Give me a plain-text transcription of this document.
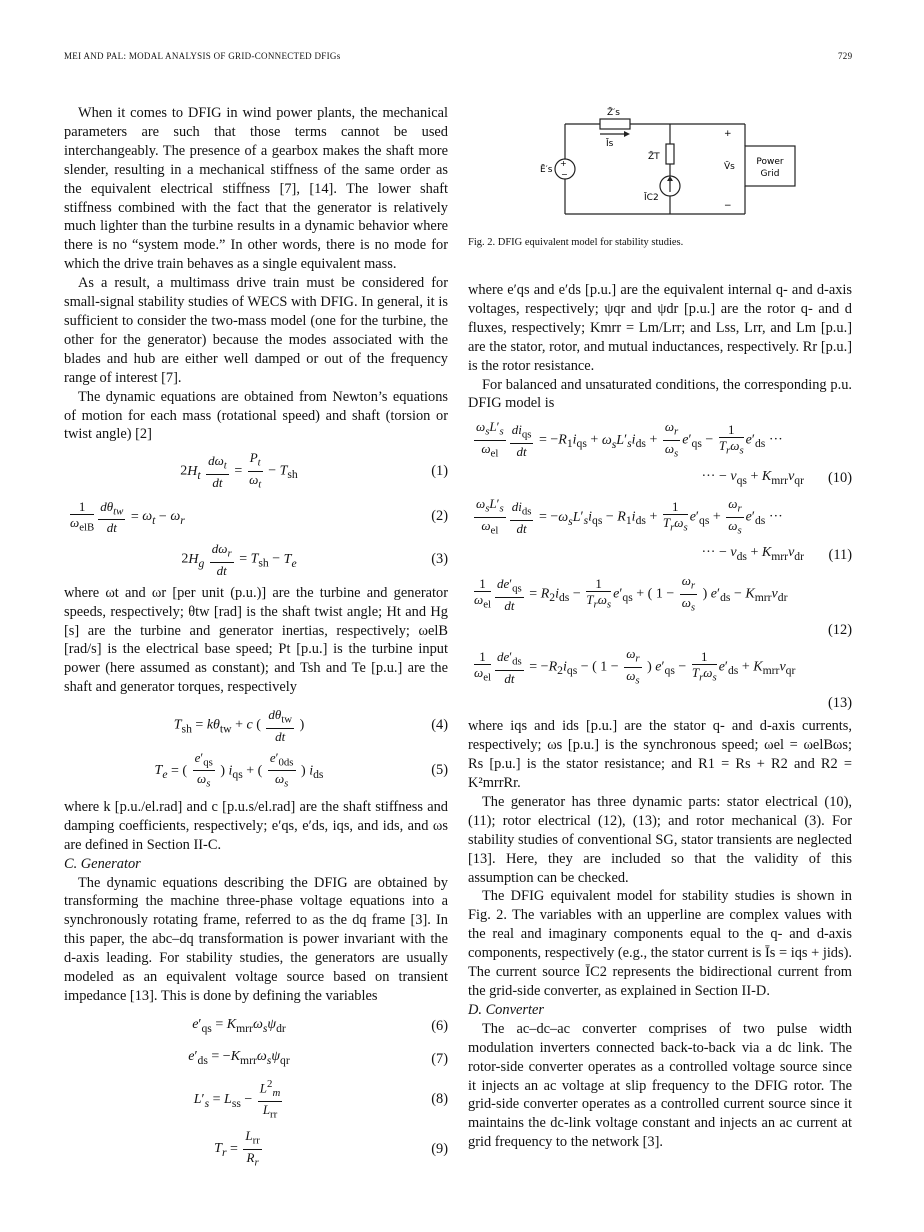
MEI AND PAL: MODAL ANALYSIS OF GRID-CONNECTED DFIGs	729

When it comes to DFIG in wind power plants, the mechanical parameters are such that those terms cannot be used interchangeably. The presence of a gearbox makes the shaft more slender, resulting in a mechanical stiffness of the same order as the equivalent electrical stiffness [7], [14]. The lower shaft stiffness combined with the fact that the generator is relatively much lighter than the turbine results in a dynamic behavior where there is no “system mode.” In other words, there is no mode for which the drive train behaves as a single equivalent mass.

As a result, a multimass drive train must be considered for small-signal stability studies of WECS with DFIG. In general, it is sufficient to consider the two-mass model (one for the turbine, the other for the generator) because the modes associated with the blades and hub are either well damped or out of the frequency range of interest [7].

The dynamic equations are obtained from Newton’s equations of motion for each mass (rotational speed) and shaft (torsion or twist angle) [2]

$2H_t \frac{d\omega_t}{dt} = \frac{P_t}{\omega_t} - T_{sh}$	(1)
$\frac{1}{\omega_{elB}} \frac{d\theta_{tw}}{dt} = \omega_t - \omega_r$	(2)
$2H_g \frac{d\omega_r}{dt} = T_{sh} - T_e$	(3)

where ωt and ωr [per unit (p.u.)] are the turbine and generator speeds, respectively; θtw [rad] is the shaft twist angle; Ht and Hg [s] are the turbine and generator inertias, respectively; ωelB [rad/s] is the electrical base speed; Pt [p.u.] is the turbine input power (here assumed as constant); and Tsh and Te [p.u.] are the shaft and generator torques, respectively

$T_{sh} = k\theta_{tw} + c$ ( $\frac{d\theta_{tw}}{dt}$ )	(4)
$T_e$ = ( $\frac{e'_{qs}}{\omega_s}$ ) $i_{qs}$ + ( $\frac{e'_{0ds}}{\omega_s}$ ) $i_{ds}$	(5)

where k [p.u./el.rad] and c [p.u.s/el.rad] are the shaft stiffness and damping coefficients, respectively; e′qs, e′ds, iqs, and ids, and ωs are defined in Section II-C.

C. Generator

The dynamic equations describing the DFIG are obtained by transforming the machine three-phase voltage equations into a synchronously rotating frame, referred to as the dq frame [3]. In this paper, the abc–dq transformation is power invariant with the d-axis leading. For stability studies, the generators are usually modeled as an equivalent voltage source based on transient impedance [13]. This is done by defining the variables

$e'_{qs} = K_{mrr}\omega_s\psi_{dr}$	(6)
$e'_{ds} = -K_{mrr}\omega_s\psi_{qr}$	(7)
$L'_s = L_{ss} - \frac{L^2_m}{L_{rr}}$	(8)
$T_r = \frac{L_{rr}}{R_r}$	(9)
+
−
Z̄′s
Īs
Z̄T
Ē′s
ĪC2
V̄s
+
−
Power
Grid
Fig. 2. DFIG equivalent model for stability studies.

where e′qs and e′ds [p.u.] are the equivalent internal q- and d-axis voltages, respectively; ψqr and ψdr [p.u.] are the rotor q- and d fluxes, respectively; Kmrr = Lm/Lrr; and Lss, Lrr, and Lm [p.u.] are the stator, rotor, and mutual inductances, respectively. Rr [p.u.] is the rotor resistance.

For balanced and unsaturated conditions, the corresponding p.u. DFIG model is

$\frac{\omega_sL'_s}{\omega_{el}} \frac{di_{qs}}{dt} = -R_1i_{qs} + \omega_sL'_si_{ds} + \frac{\omega_r}{\omega_s} e'_{qs} - \frac{1}{T_r\omega_s} e'_{ds}$ ···
··· − $v_{qs} + K_{mrr}v_{qr}$	(10)
$\frac{\omega_sL'_s}{\omega_{el}} \frac{di_{ds}}{dt} = -\omega_sL'_si_{qs} - R_1i_{ds} + \frac{1}{T_r\omega_s} e'_{qs} + \frac{\omega_r}{\omega_s} e'_{ds}$ ···
··· − $v_{ds} + K_{mrr}v_{dr}$	(11)
$\frac{1}{\omega_{el}} \frac{de'_{qs}}{dt} = R_2i_{ds} - \frac{1}{T_r\omega_s} e'_{qs}$ + ( $1 - \frac{\omega_r}{\omega_s}$ ) $e'_{ds} - K_{mrr}v_{dr}$
(12)
$\frac{1}{\omega_{el}} \frac{de'_{ds}}{dt} = -R_2i_{qs}$ − ( $1 - \frac{\omega_r}{\omega_s}$ ) $e'_{qs} - \frac{1}{T_r\omega_s} e'_{ds} + K_{mrr}v_{qr}$
(13)

where iqs and ids [p.u.] are the stator q- and d-axis currents, respectively; ωs [p.u.] is the synchronous speed; ωel = ωelBωs; Rs [p.u.] is the stator resistance; and R1 = Rs + R2 and R2 = K²mrrRr.

The generator has three dynamic parts: stator electrical (10), (11); rotor electrical (12), (13); and rotor mechanical (3). For stability studies of conventional SG, stator transients are neglected [13]. Here, they are included so that the validity of this assumption can be checked.

The DFIG equivalent model for stability studies is shown in Fig. 2. The variables with an upperline are complex values with the real and imaginary components equal to the q- and d-axis components, respectively (e.g., the stator current is Īs = iqs + jids). The current source ĪC2 represents the bidirectional current from the grid-side converter, as explained in Section II-D.

D. Converter

The ac–dc–ac converter comprises of two pulse width modulation inverters connected back-to-back via a dc link. The rotor-side converter operates as a controlled voltage source since it injects an ac voltage at slip frequency to the DFIG rotor. The grid-side converter operates as a controlled current source since it maintains the dc-link voltage constant and injects an ac current at grid frequency to the network [3].
